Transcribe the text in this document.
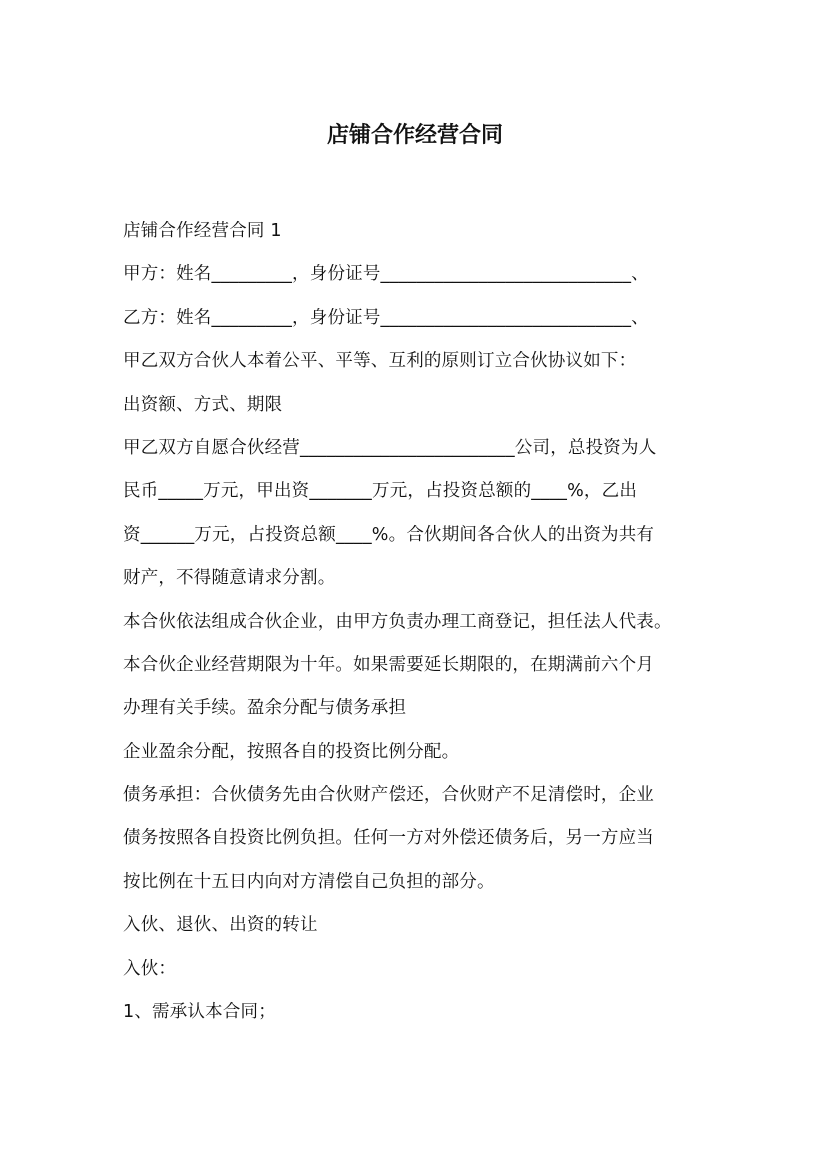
店铺合作经营合同
店铺合作经营合同 1
甲方：姓名_________，身份证号____________________________、
乙方：姓名_________，身份证号____________________________、
甲乙双方合伙人本着公平、平等、互利的原则订立合伙协议如下：
出资额、方式、期限
甲乙双方自愿合伙经营________________________公司，总投资为人
民币_____万元，甲出资_______万元，占投资总额的____%，乙出
资______万元，占投资总额____%。合伙期间各合伙人的出资为共有
财产，不得随意请求分割。
本合伙依法组成合伙企业，由甲方负责办理工商登记，担任法人代表。
本合伙企业经营期限为十年。如果需要延长期限的，在期满前六个月
办理有关手续。盈余分配与债务承担
企业盈余分配，按照各自的投资比例分配。
债务承担：合伙债务先由合伙财产偿还，合伙财产不足清偿时，企业
债务按照各自投资比例负担。任何一方对外偿还债务后，另一方应当
按比例在十五日内向对方清偿自己负担的部分。
入伙、退伙、出资的转让
入伙：
1、需承认本合同；
